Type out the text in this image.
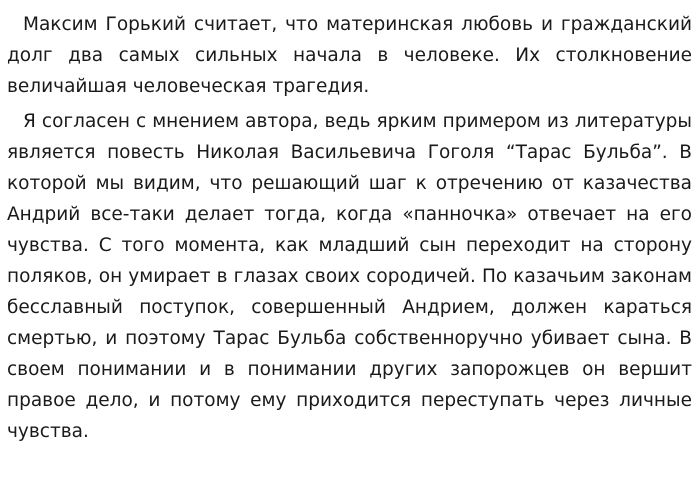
Максим Горький считает, что материнская любовь и гражданский долг два самых сильных начала в человеке. Их столкновение величайшая человеческая трагедия.

Я согласен с мнением автора, ведь ярким примером из литературы является повесть Николая Васильевича Гоголя “Тарас Бульба”. В которой мы видим, что решающий шаг к отречению от казачества Андрий все-таки делает тогда, когда «панночка» отвечает на его чувства. С того момента, как младший сын переходит на сторону поляков, он умирает в глазах своих сородичей. По казачьим законам бесславный поступок, совершенный Андрием, должен караться смертью, и поэтому Тарас Бульба собственноручно убивает сына. В своем понимании и в понимании других запорожцев он вершит правое дело, и потому ему приходится переступать через личные чувства.
